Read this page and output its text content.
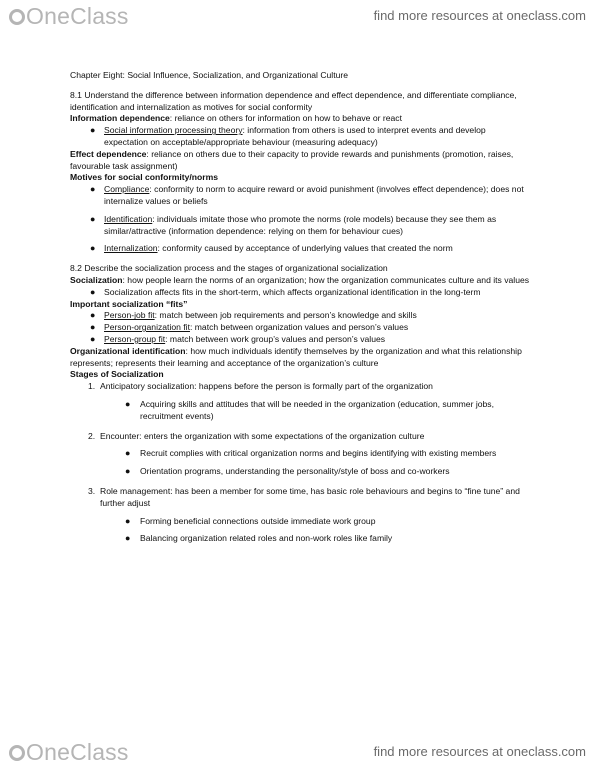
OneClass	find more resources at oneclass.com

Chapter Eight: Social Influence, Socialization, and Organizational Culture

8.1 Understand the difference between information dependence and effect dependence, and differentiate compliance, identification and internalization as motives for social conformity

Information dependence: reliance on others for information on how to behave or react

● Social information processing theory: information from others is used to interpret events and develop expectation on acceptable/appropriate behaviour (measuring adequacy)

Effect dependence: reliance on others due to their capacity to provide rewards and punishments (promotion, raises, favourable task assignment)

Motives for social conformity/norms

● Compliance: conformity to norm to acquire reward or avoid punishment (involves effect dependence); does not internalize values or beliefs
● Identification: individuals imitate those who promote the norms (role models) because they see them as similar/attractive (information dependence: relying on them for behaviour cues)
● Internalization: conformity caused by acceptance of underlying values that created the norm

8.2 Describe the socialization process and the stages of organizational socialization

Socialization: how people learn the norms of an organization; how the organization communicates culture and its values

● Socialization affects fits in the short-term, which affects organizational identification in the long-term

Important socialization “fits”

● Person-job fit: match between job requirements and person’s knowledge and skills
● Person-organization fit: match between organization values and person’s values
● Person-group fit: match between work group’s values and person’s values

Organizational identification: how much individuals identify themselves by the organization and what this relationship represents; represents their learning and acceptance of the organization’s culture

Stages of Socialization

1. Anticipatory socialization: happens before the person is formally part of the organization
● Acquiring skills and attitudes that will be needed in the organization (education, summer jobs, recruitment events)
2. Encounter: enters the organization with some expectations of the organization culture
● Recruit complies with critical organization norms and begins identifying with existing members
● Orientation programs, understanding the personality/style of boss and co-workers
3. Role management: has been a member for some time, has basic role behaviours and begins to “fine tune” and further adjust
● Forming beneficial connections outside immediate work group
● Balancing organization related roles and non-work roles like family
OneClass	find more resources at oneclass.com
